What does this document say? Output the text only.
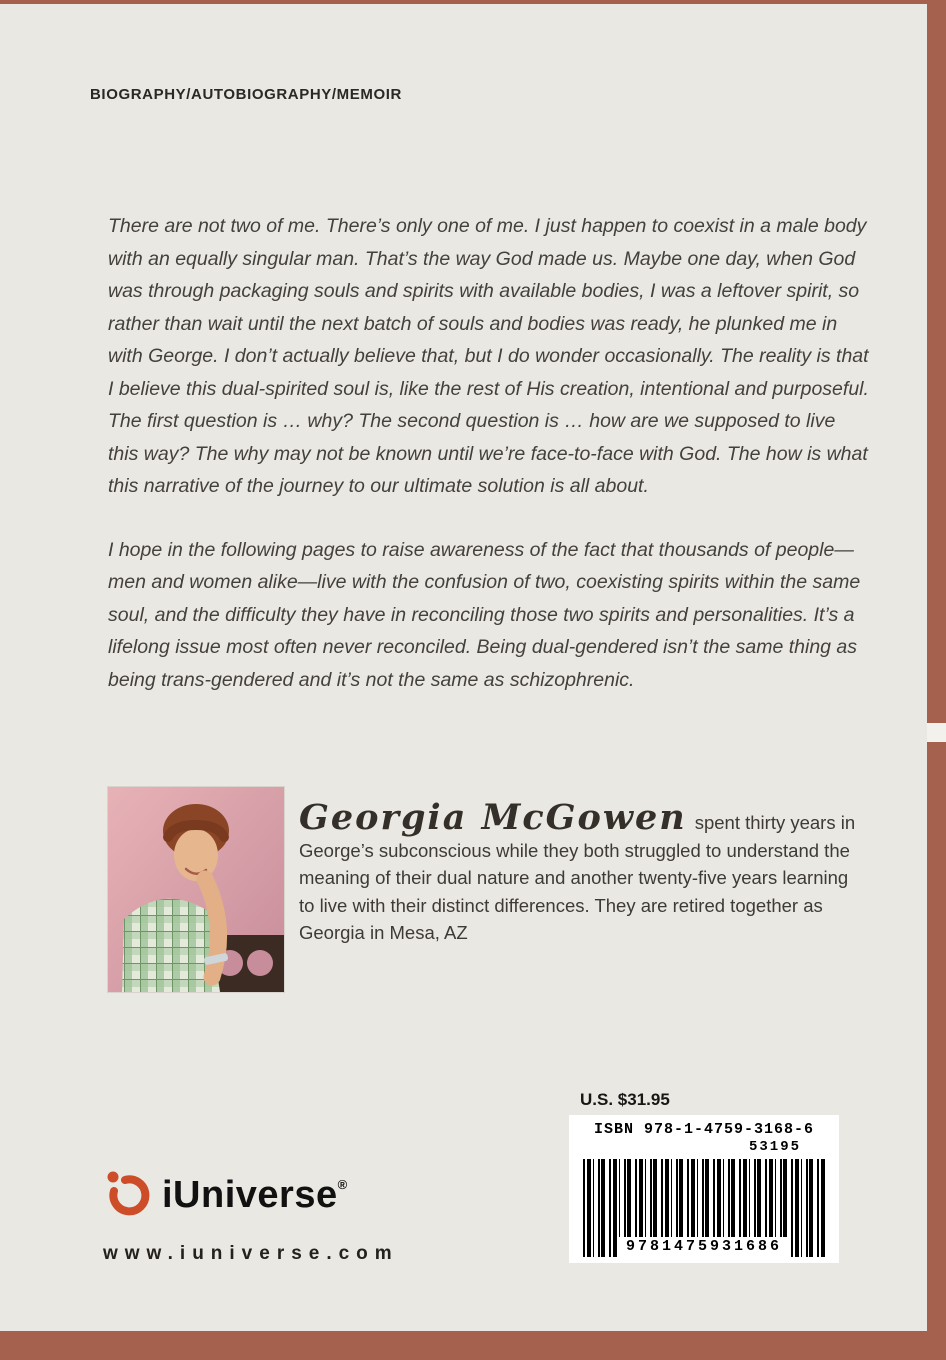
BIOGRAPHY/AUTOBIOGRAPHY/MEMOIR

There are not two of me. There’s only one of me. I just happen to coexist in a male body with an equally singular man. That’s the way God made us. Maybe one day, when God was through packaging souls and spirits with available bodies, I was a leftover spirit, so rather than wait until the next batch of souls and bodies was ready, he plunked me in with George. I don’t actually believe that, but I do wonder occasionally. The reality is that I believe this dual-spirited soul is, like the rest of His creation, intentional and purposeful. The first question is … why? The second question is … how are we supposed to live this way? The why may not be known until we’re face-to-face with God. The how is what this narrative of the journey to our ultimate solution is all about.

I hope in the following pages to raise awareness of the fact that thousands of people—men and women alike—live with the confusion of two, coexisting spirits within the same soul, and the difficulty they have in reconciling those two spirits and personalities. It’s a lifelong issue most often never reconciled. Being dual-gendered isn’t the same thing as being trans-gendered and it’s not the same as schizophrenic.

Georgia McGowen spent thirty years in George’s subconscious while they both struggled to understand the meaning of their dual nature and another twenty-five years learning to live with their distinct differences. They are retired together as Georgia in Mesa, AZ

U.S. $31.95
ISBN 978-1-4759-3168-6
53195
9781475931686
iUniverse®
www.iuniverse.com
